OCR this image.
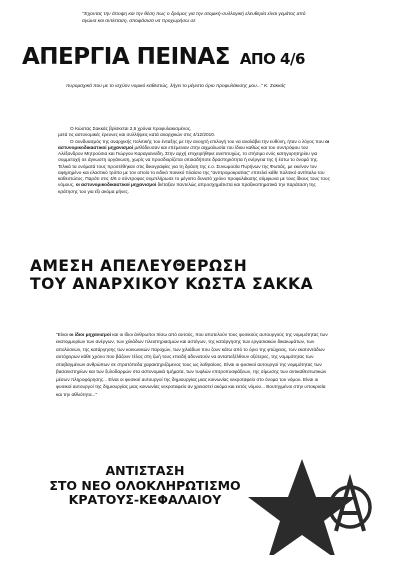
"Έχοντας την άποψη και την θέση πως ο δρόμος για την ατομική-συλλογική ελευθερία είναι γεμάτος από αγώνα και αντίσταση, αποφάσισα να προχωρήσω σε
ΑΠΕΡΓΙΑ ΠΕΙΝΑΣ ΑΠΟ 4/6
πυρομαχικά που με το ισχύον νομικό καθεστώς, λήγει το μέγιστο όριο προφυλάκισης μου..." Κ. Σακκάς

Ο Κώστας Σακκάς βρίσκεται 2,5 χρόνια προφυλακισμένος,

μετά τις αστυνομικές έρευνες και συλλήψεις κατά αναρχικών στις 4/12/2010.

Ο συνδυασμός της αναρχικής πολιτικής του ένταξης με την ανοιχτή επιλογή του να αναλάβει την ευθύνη, ήταν ο λόγος που οι αστυνομικοδικαστικοί μηχανισμοί μεθόδευσαν και επέμειναν στην αιχμαλωσία του ίδιου καθώς και του συντρόφου του Αλέξανδρου Μητρούσια και Γιώργου Καραγιαννίδη. Στην αρχή επιχειρήθηκε ανεπιτυχώς, το στήσιμο ενός κατηγορητηρίου για συμμετοχή σε άγνωστη οργάνωση, χωρίς να προσδιορίζεται οποιαδήποτε δραστηριότητα ή ενέργεια της ή έστω το όνομά της. Τελικά τα ονόματά τους προστέθηκαν στις δικογραφίες για τη δράση της ε.ο. Συνωμοσία Πυρήνων της Φωτιάς, με εκείνον τον αφηρημένο και ελαστικό τρόπο με τον οποίο το ειδικό ποινικό πλαίσιο της "αντιτρομοκρατίας" επιτελεί κάθε πολιτικό αντίπαλο του καθεστώτος. Παρότι στις 4/6 ο σύντροφος συμπλήρωσε το μέγιστο δυνατό χρόνο προφυλάκισης σύμφωνα με τους ίδιους τους τους νόμους, οι αστυνομικοδικαστικοί μηχανισμοί διέταξαν παντελώς απροσχημάτιστα και πραξικοπηματικά την παράταση της κράτησης του για έξι ακόμα μήνες.

ΑΜΕΣΗ ΑΠΕΛΕΥΘΕΡΩΣΗ
ΤΟΥ ΑΝΑΡΧΙΚΟΥ ΚΩΣΤΑ ΣΑΚΚΑ

"Είναι οι ίδιοι μηχανισμοί και οι ίδιοι άνθρωποι πίσω από αυτούς, που αποτελούν τους φυσικούς αυτουργούς της νομιμότητας των εκατομμυρίων των ανέργων, των χιλιάδων πλειστηριασμών και αστέγων, της κατάργησης των εργασιακών δικαιωμάτων, των απολύσεων, της κατάργησης των κοινωνικών παροχών, των χιλιάδων που ζουν κάτω από το όριο της φτώχειας, των εκατοντάδων αυτόχειρων κάθε χρόνο που βάζουν τέλος στη ζωή τους επειδή αδυνατούν να ανταπεξέλθουν οξύτερες, της νομιμότητας των στοιβαγμένων ανθρώπων σε στρατόπεδα χαρακτηριζόμενος τους ως λαθραίους. Είναι οι φυσικοί αυτουργοί της νομιμότητας των βασανιστηρίων και των ξυλοδαρμών στα αστυνομικά τμήματα, των τυφλών επιτροποσφάξεων, της σίμωσης των αντικαθεστωτικών μέσων πληροφόρησης... Είναι οι φυσικοί αυτουργοί της δημιουργίας μιας κοινωνίας νεκροταφείο στο όνομα του νόμου. Είναι οι φυσικοί αυτουργοί της δημιουργίας μιας κοινωνίας νεκροταφείο αν χρειαστεί ακόμα και εκτός νόμου... Βουτηγμένοι στην υποκρισία και την αθλιότητα..."

ΑΝΤΙΣΤΑΣΗ
ΣΤΟ ΝΕΟ ΟΛΟΚΛΗΡΩΤΙΣΜΟ
ΚΡΑΤΟΥΣ-ΚΕΦΑΛΑΙΟΥ
